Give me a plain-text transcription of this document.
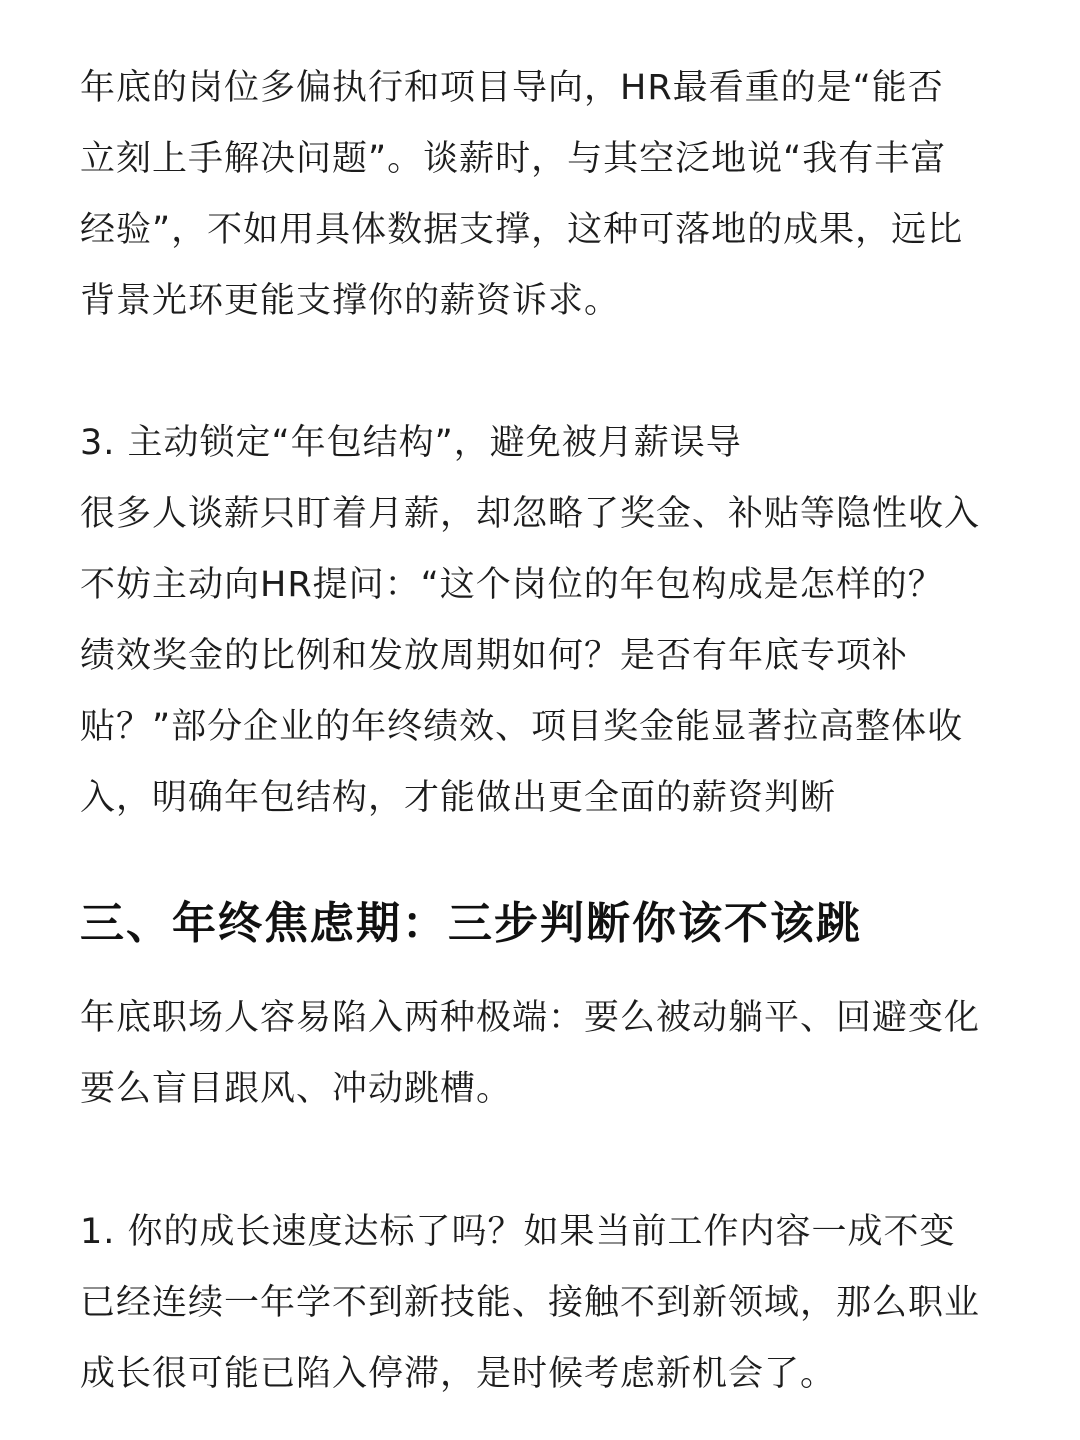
年底的岗位多偏执行和项目导向，HR最看重的是“能否
立刻上手解决问题”。谈薪时，与其空泛地说“我有丰富
经验”，不如用具体数据支撑，这种可落地的成果，远比
背景光环更能支撑你的薪资诉求。
3. 主动锁定“年包结构”，避免被月薪误导
很多人谈薪只盯着月薪，却忽略了奖金、补贴等隐性收入
不妨主动向HR提问：“这个岗位的年包构成是怎样的？
绩效奖金的比例和发放周期如何？是否有年底专项补
贴？”部分企业的年终绩效、项目奖金能显著拉高整体收
入，明确年包结构，才能做出更全面的薪资判断
三、年终焦虑期：三步判断你该不该跳
年底职场人容易陷入两种极端：要么被动躺平、回避变化
要么盲目跟风、冲动跳槽。
1. 你的成长速度达标了吗？如果当前工作内容一成不变
已经连续一年学不到新技能、接触不到新领域，那么职业
成长很可能已陷入停滞，是时候考虑新机会了。
